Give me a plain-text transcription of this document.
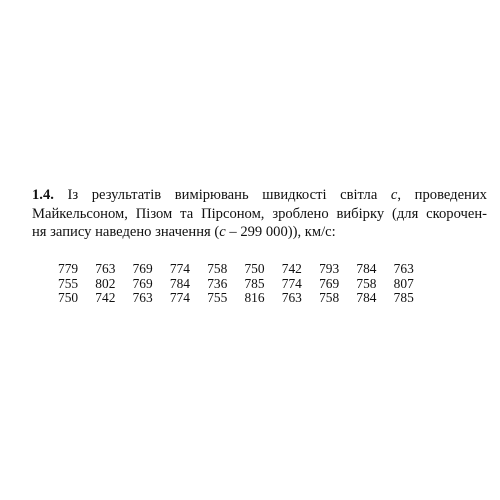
1.4. Із результатів вимірювань швидкості світла c, проведених
Майкельсоном, Пізом та Пірсоном, зроблено вибірку (для скорочен-
ня запису наведено значення (c – 299 000)), км/с:
779	763	769	774	758	750	742	793	784	763
755	802	769	784	736	785	774	769	758	807
750	742	763	774	755	816	763	758	784	785
